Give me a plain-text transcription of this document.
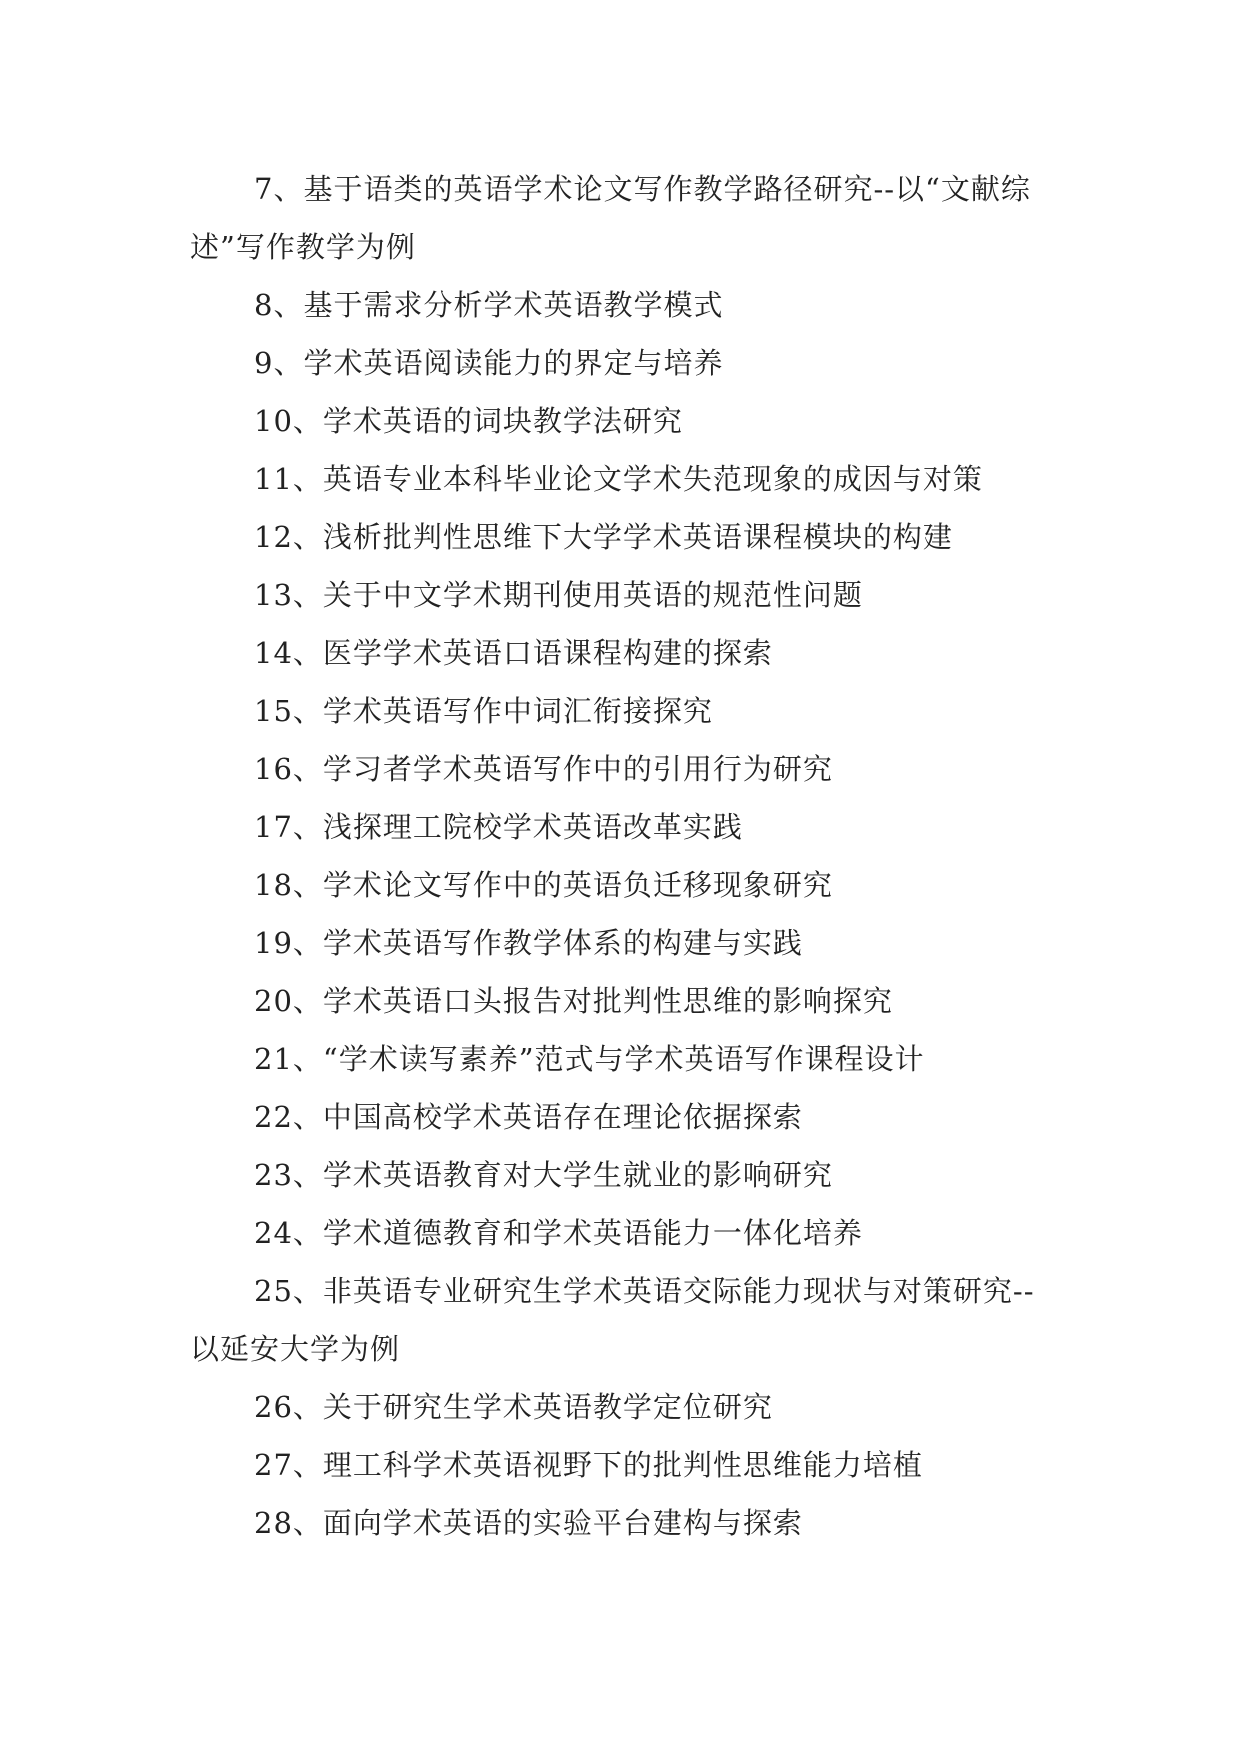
7、基于语类的英语学术论文写作教学路径研究--以“文献综述”写作教学为例

8、基于需求分析学术英语教学模式

9、学术英语阅读能力的界定与培养

10、学术英语的词块教学法研究

11、英语专业本科毕业论文学术失范现象的成因与对策

12、浅析批判性思维下大学学术英语课程模块的构建

13、关于中文学术期刊使用英语的规范性问题

14、医学学术英语口语课程构建的探索

15、学术英语写作中词汇衔接探究

16、学习者学术英语写作中的引用行为研究

17、浅探理工院校学术英语改革实践

18、学术论文写作中的英语负迁移现象研究

19、学术英语写作教学体系的构建与实践

20、学术英语口头报告对批判性思维的影响探究

21、“学术读写素养”范式与学术英语写作课程设计

22、中国高校学术英语存在理论依据探索

23、学术英语教育对大学生就业的影响研究

24、学术道德教育和学术英语能力一体化培养

25、非英语专业研究生学术英语交际能力现状与对策研究--以延安大学为例

26、关于研究生学术英语教学定位研究

27、理工科学术英语视野下的批判性思维能力培植

28、面向学术英语的实验平台建构与探索
